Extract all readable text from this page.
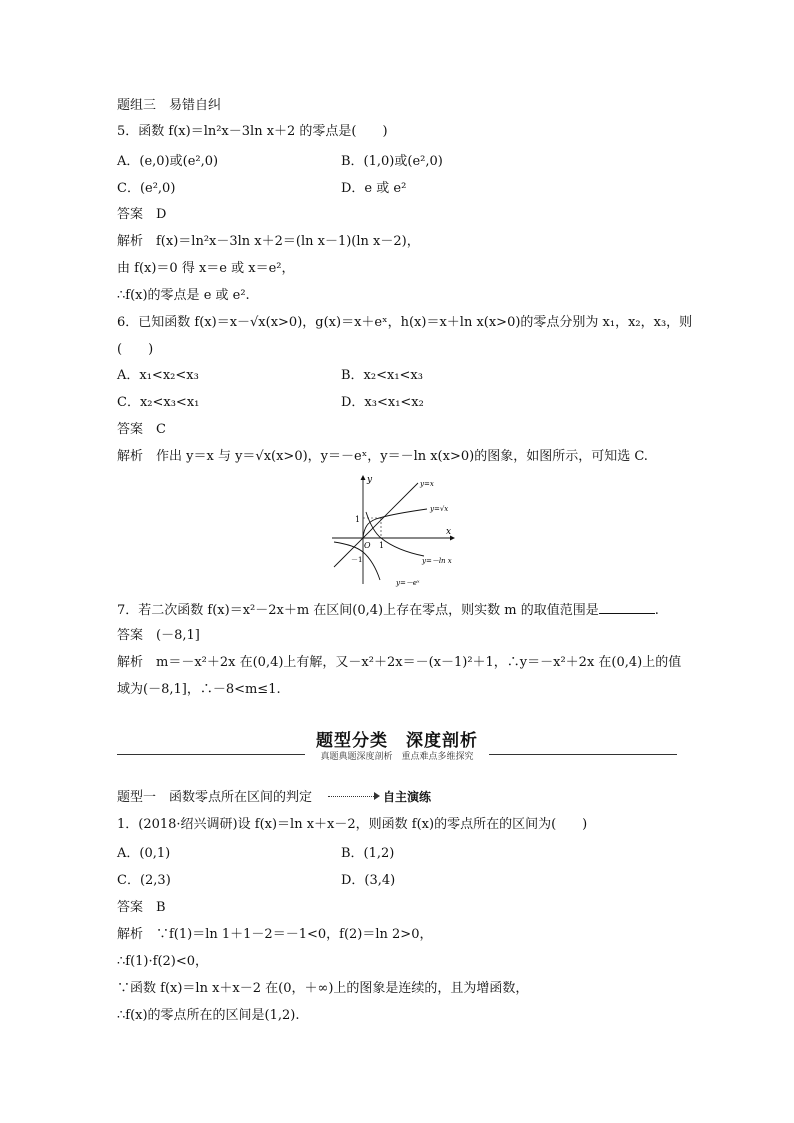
题组三　易错自纠
5．函数 f(x)＝ln²x－3ln x＋2 的零点是(　　)
A．(e,0)或(e²,0)	B．(1,0)或(e²,0)
C．(e²,0)	D．e 或 e²
答案　D
解析　f(x)＝ln²x－3ln x＋2＝(ln x－1)(ln x－2)，
由 f(x)＝0 得 x＝e 或 x＝e²，
∴f(x)的零点是 e 或 e².
6．已知函数 f(x)＝x－√x(x>0)，g(x)＝x＋eˣ，h(x)＝x＋ln x(x>0)的零点分别为 x₁，x₂，x₃，则
(　　)
A．x₁<x₂<x₃	B．x₂<x₁<x₃
C．x₂<x₃<x₁	D．x₃<x₁<x₂
答案　C
解析　作出 y＝x 与 y＝√x(x>0)，y＝－eˣ，y＝－ln x(x>0)的图象，如图所示，可知选 C.
x
y
O 1
1
－1
y=x
y=√x
y=－ln x
y=－eˣ
7．若二次函数 f(x)＝x²－2x＋m 在区间(0,4)上存在零点，则实数 m 的取值范围是	.
答案　(－8,1]
解析　m＝－x²＋2x 在(0,4)上有解，又－x²＋2x＝－(x－1)²＋1，∴y＝－x²＋2x 在(0,4)上的值
域为(－8,1]，∴－8<m≤1.
题型分类　深度剖析
真题典题深度剖析　重点难点多维探究
题型一　函数零点所在区间的判定	自主演练
1．(2018·绍兴调研)设 f(x)＝ln x＋x－2，则函数 f(x)的零点所在的区间为(　　)
A．(0,1)	B．(1,2)
C．(2,3)	D．(3,4)
答案　B
解析　∵f(1)＝ln 1＋1－2＝－1<0，f(2)＝ln 2>0，
∴f(1)·f(2)<0，
∵函数 f(x)＝ln x＋x－2 在(0，＋∞)上的图象是连续的，且为增函数，
∴f(x)的零点所在的区间是(1,2).
